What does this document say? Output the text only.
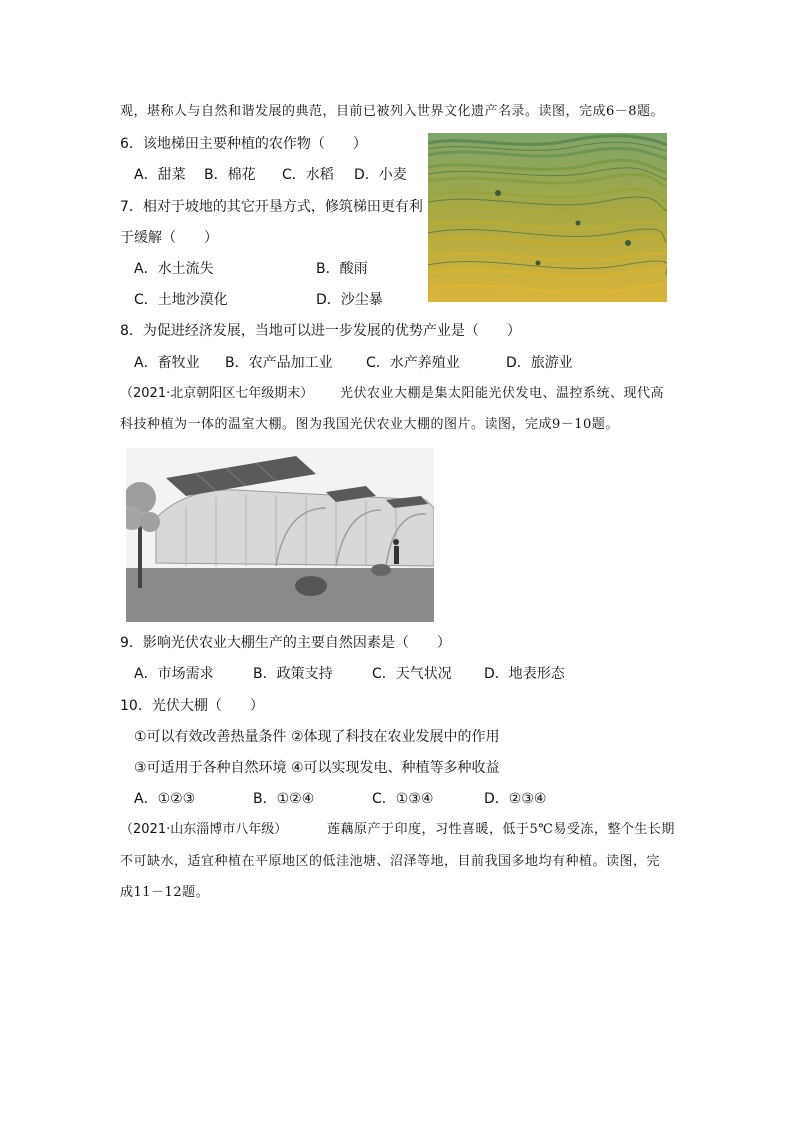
观，堪称人与自然和谐发展的典范，目前已被列入世界文化遗产名录。读图，完成6－8题。
6．该地梯田主要种植的农作物（　　）
A．甜菜 B．棉花 C．水稻 D．小麦
7．相对于坡地的其它开垦方式，修筑梯田更有利
于缓解（　　）
A．水土流失	B．酸雨
C．土地沙漠化	D．沙尘暴
8．为促进经济发展，当地可以进一步发展的优势产业是（　　）
A．畜牧业 B．农产品加工业 C．水产养殖业	D．旅游业
（2021·北京朝阳区七年级期末） 光伏农业大棚是集太阳能光伏发电、温控系统、现代高
科技种植为一体的温室大棚。图为我国光伏农业大棚的图片。读图，完成9－10题。
9．影响光伏农业大棚生产的主要自然因素是（　　）
A．市场需求	B．政策支持	C．天气状况 D．地表形态
10．光伏大棚（　　）
①可以有效改善热量条件 ②体现了科技在农业发展中的作用
③可适用于各种自然环境 ④可以实现发电、种植等多种收益
A．①②③	B．①②④	C．①③④	D．②③④
（2021·山东淄博市八年级）	莲藕原产于印度，习性喜暖，低于5℃易受冻，整个生长期
不可缺水，适宜种植在平原地区的低洼池塘、沼泽等地，目前我国多地均有种植。读图，完
成11－12题。
